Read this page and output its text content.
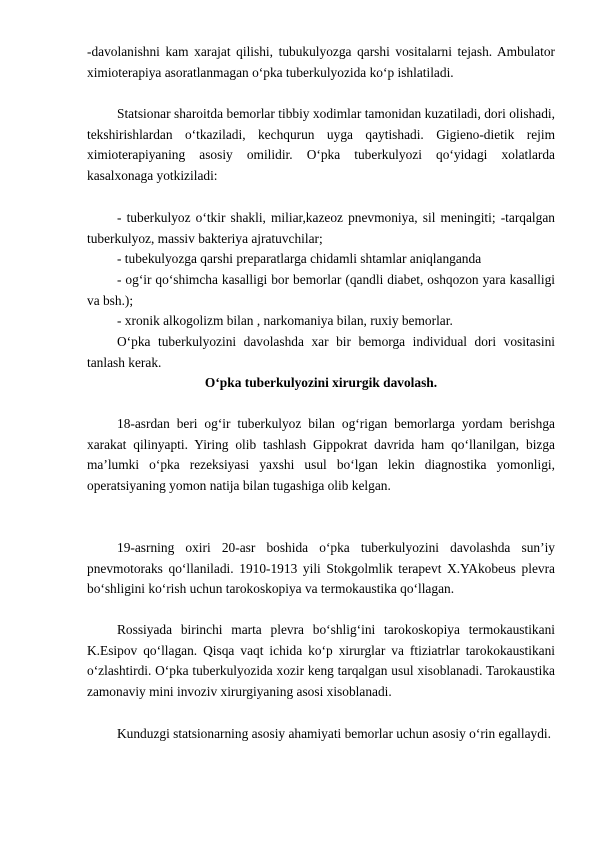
-davolanishni kam xarajat qilishi, tubukulyozga qarshi vositalarni tejash. Ambulator ximioterapiya asoratlanmagan o‘pka tuberkulyozida ko‘p ishlatiladi.
Statsionar sharoitda bemorlar tibbiy xodimlar tamonidan kuzatiladi, dori olishadi, tekshirishlardan o‘tkaziladi, kechqurun uyga qaytishadi. Gigieno-dietik rejim ximioterapiyaning asosiy omilidir. O‘pka tuberkulyozi qo‘yidagi xolatlarda kasalxonaga yotkiziladi:
- tuberkulyoz o‘tkir shakli, miliar,kazeoz pnevmoniya, sil meningiti; -tarqalgan tuberkulyoz, massiv bakteriya ajratuvchilar;
- tubekulyozga qarshi preparatlarga chidamli shtamlar aniqlanganda
- og‘ir qo‘shimcha kasalligi bor bemorlar (qandli diabet, oshqozon yara kasalligi va bsh.);
- xronik alkogolizm bilan , narkomaniya bilan, ruxiy bemorlar.
O‘pka tuberkulyozini davolashda xar bir bemorga individual dori vositasini tanlash kerak.
O‘pka tuberkulyozini xirurgik davolash.
18-asrdan beri og‘ir tuberkulyoz bilan og‘rigan bemorlarga yordam berishga xarakat qilinyapti. Yiring olib tashlash Gippokrat davrida ham qo‘llanilgan, bizga ma’lumki o‘pka rezeksiyasi yaxshi usul bo‘lgan lekin diagnostika yomonligi, operatsiyaning yomon natija bilan tugashiga olib kelgan.
19-asrning oxiri 20-asr boshida o‘pka tuberkulyozini davolashda sun’iy pnevmotoraks qo‘llaniladi. 1910-1913 yili Stokgolmlik terapevt X.YAkobeus plevra bo‘shligini ko‘rish uchun tarokoskopiya va termokaustika qo‘llagan.
Rossiyada birinchi marta plevra bo‘shlig‘ini tarokoskopiya termokaustikani K.Esipov qo‘llagan. Qisqa vaqt ichida ko‘p xirurglar va ftiziatrlar tarokokaustikani o‘zlashtirdi. O‘pka tuberkulyozida xozir keng tarqalgan usul xisoblanadi. Tarokaustika zamonaviy mini invoziv xirurgiyaning asosi xisoblanadi.
Kunduzgi statsionarning asosiy ahamiyati bemorlar uchun asosiy o‘rin egallaydi.
